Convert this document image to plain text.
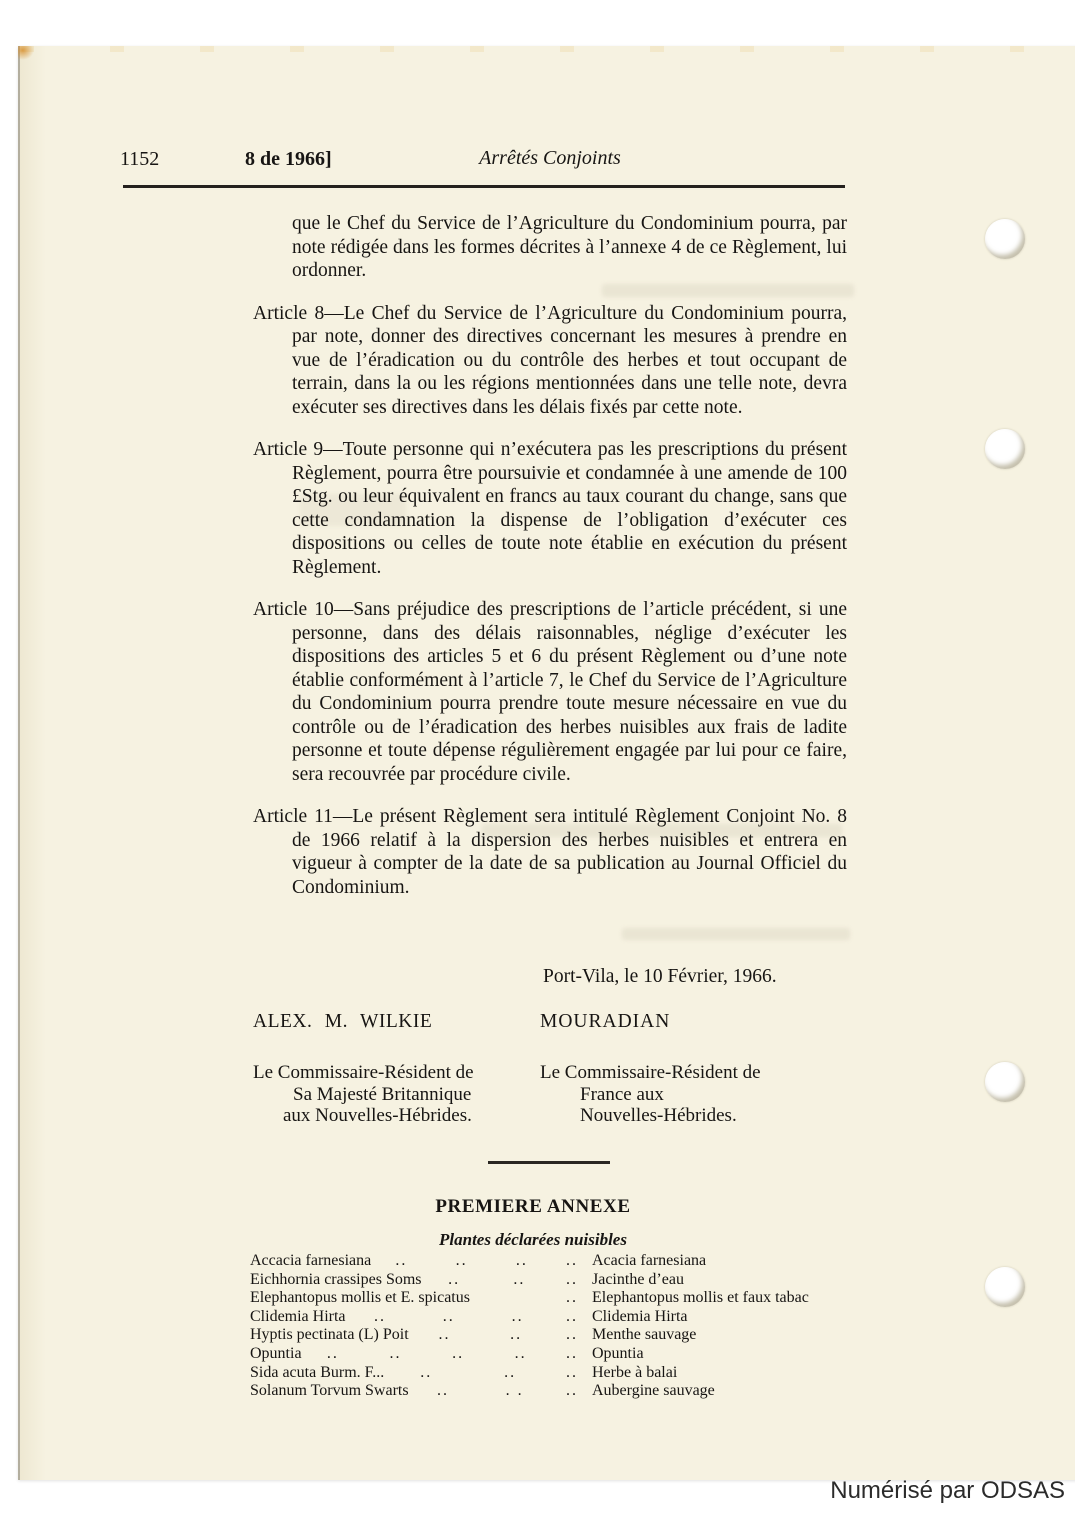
1152	8 de 1966]	Arrêtés Conjoints

que le Chef du Service de l’Agriculture du Condominium pourra, par note rédigée dans les formes décrites à l’annexe 4 de ce Règlement, lui ordonner.

Article 8—Le Chef du Service de l’Agriculture du Condominium pourra, par note, donner des directives concernant les mesures à prendre en vue de l’éradication ou du contrôle des herbes et tout occupant de terrain, dans la ou les régions mentionnées dans une telle note, devra exécuter ses directives dans les délais fixés par cette note.

Article 9—Toute personne qui n’exécutera pas les prescriptions du présent Règlement, pourra être poursuivie et condamnée à une amende de 100 £Stg. ou leur équivalent en francs au taux courant du change, sans que cette condamnation la dispense de l’obligation d’exécuter ces dispositions ou celles de toute note établie en exécution du présent Règlement.

Article 10—Sans préjudice des prescriptions de l’article précédent, si une personne, dans des délais raisonnables, néglige d’exécuter les dispositions des articles 5 et 6 du présent Règlement ou d’une note établie conformément à l’article 7, le Chef du Service de l’Agriculture du Condominium pourra prendre toute mesure nécessaire en vue du contrôle ou de l’éradication des herbes nuisibles aux frais de ladite personne et toute dépense régulièrement engagée par lui pour ce faire, sera recouvrée par procédure civile.

Article 11—Le présent Règlement sera intitulé Règlement Conjoint No. 8 de 1966 relatif à la dispersion des herbes nuisibles et entrera en vigueur à compter de la date de sa publication au Journal Officiel du Condominium.

Port-Vila, le 10 Février, 1966.
ALEX. M. WILKIE	MOURADIAN
Le Commissaire-Résident de
Sa Majesté Britannique
aux Nouvelles-Hébrides.
Le Commissaire-Résident de
France aux
Nouvelles-Hébrides.
PREMIERE ANNEXE
Plantes déclarées nuisibles
Accacia farnesiana	..	..	..	.. Acacia farnesiana
Eichhornia crassipes Soms	..	..	.. Jacinthe d’eau
Elephantopus mollis et E. spicatus	.. Elephantopus mollis et faux tabac
Clidemia Hirta	..	..	..	.. Clidemia Hirta
Hyptis pectinata (L) Poit	..	..	.. Menthe sauvage
Opuntia	..	..	..	..	.. Opuntia
Sida acuta Burm. F...	..	..	.. Herbe à balai
Solanum Torvum Swarts	..	. .	.. Aubergine sauvage
Numérisé par ODSAS
